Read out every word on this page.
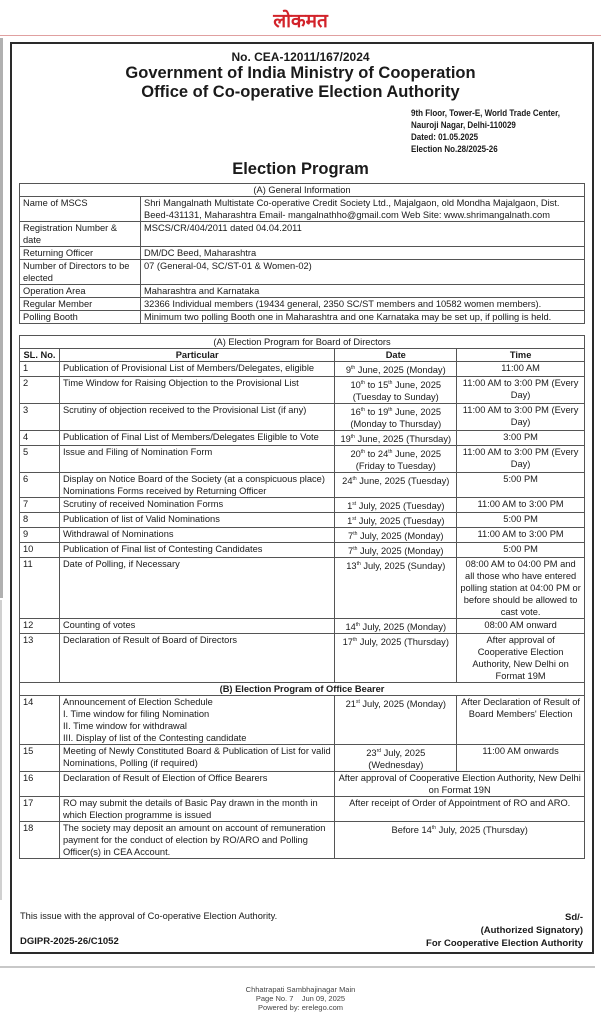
लोकमत
No. CEA-12011/167/2024
Government of India Ministry of Cooperation
Office of Co-operative Election Authority
9th Floor, Tower-E, World Trade Center,
Nauroji Nagar, Delhi-110029
Dated: 01.05.2025
Election No.28/2025-26
Election Program
(A) General Information	
Name of MSCS	Shri Mangalnath Multistate Co-operative Credit Society Ltd., Majalgaon, old Mondha Majalgaon, Dist. Beed-431131, Maharashtra Email- mangalnathho@gmail.com Web Site: www.shrimangalnath.com
Registration Number & date	MSCS/CR/404/2011 dated 04.04.2011
Returning Officer	DM/DC Beed, Maharashtra
Number of Directors to be elected	07 (General-04, SC/ST-01 & Women-02)
Operation Area	Maharashtra and Karnataka
Regular Member	32366 Individual members (19434 general, 2350 SC/ST members and 10582 women members).
Polling Booth	Minimum two polling Booth one in Maharashtra and one Karnataka may be set up, if polling is held.
(A) Election Program for Board of Directors			
SL. No.	Particular	Date	Time
1	Publication of Provisional List of Members/Delegates, eligible	9th June, 2025 (Monday)	11:00 AM
2	Time Window for Raising Objection to the Provisional List	10th to 15th June, 2025 (Tuesday to Sunday)	11:00 AM to 3:00 PM (Every Day)
3	Scrutiny of objection received to the Provisional List (if any)	16th to 19th June, 2025 (Monday to Thursday)	11:00 AM to 3:00 PM (Every Day)
4	Publication of Final List of Members/Delegates Eligible to Vote	19th June, 2025 (Thursday)	3:00 PM
5	Issue and Filing of Nomination Form	20th to 24th June, 2025 (Friday to Tuesday)	11:00 AM to 3:00 PM (Every Day)
6	Display on Notice Board of the Society (at a conspicuous place) Nominations Forms received by Returning Officer	24th June, 2025 (Tuesday)	5:00 PM
7	Scrutiny of received Nomination Forms	1st July, 2025 (Tuesday)	11:00 AM to 3:00 PM
8	Publication of list of Valid Nominations	1st July, 2025 (Tuesday)	5:00 PM
9	Withdrawal of Nominations	7th July, 2025 (Monday)	11:00 AM to 3:00 PM
10	Publication of Final list of Contesting Candidates	7th July, 2025 (Monday)	5:00 PM
11	Date of Polling, if Necessary	13th July, 2025 (Sunday)	08:00 AM to 04:00 PM and all those who have entered polling station at 04:00 PM or before should be allowed to cast vote.
12	Counting of votes	14th July, 2025 (Monday)	08:00 AM onward
13	Declaration of Result of Board of Directors	17th July, 2025 (Thursday)	After approval of Cooperative Election Authority, New Delhi on Format 19M
(B) Election Program of Office Bearer			
14	Announcement of Election Schedule
I. Time window for filing Nomination
II. Time window for withdrawal
III. Display of list of the Contesting candidate	21st July, 2025 (Monday)	After Declaration of Result of Board Members' Election
15	Meeting of Newly Constituted Board & Publication of List for valid Nominations, Polling (if required)	23rd July, 2025 (Wednesday)	11:00 AM onwards
16	Declaration of Result of Election of Office Bearers	After approval of Cooperative Election Authority, New Delhi on Format 19N	
17	RO may submit the details of Basic Pay drawn in the month in which Election programme is issued	After receipt of Order of Appointment of RO and ARO.	
18	The society may deposit an amount on account of remuneration payment for the conduct of election by RO/ARO and Polling Officer(s) in CEA Account.	Before 14th July, 2025 (Thursday)	
This issue with the approval of Co-operative Election Authority.	Sd/-
(Authorized Signatory)
For Cooperative Election Authority
DGIPR-2025-26/C1052
Chhatrapati Sambhajinagar Main
Page No. 7    Jun 09, 2025
Powered by: erelego.com
